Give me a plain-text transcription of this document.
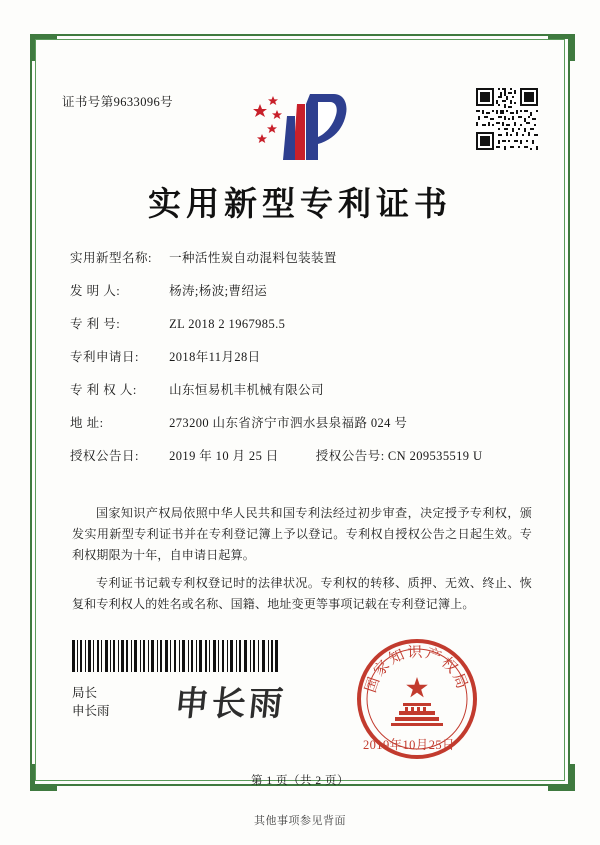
证书号第9633096号
实用新型专利证书
实用新型名称: 一种活性炭自动混料包装装置
发 明 人:	杨涛;杨波;曹绍运
专 利 号:	ZL 2018 2 1967985.5
专利申请日: 2018年11月28日
专 利 权 人:	山东恒易机丰机械有限公司
地 址:	273200 山东省济宁市泗水县泉福路 024 号
授权公告日: 2019 年 10 月 25 日	授权公告号: CN 209535519 U

国家知识产权局依照中华人民共和国专利法经过初步审查，决定授予专利权，颁发实用新型专利证书并在专利登记簿上予以登记。专利权自授权公告之日起生效。专利权期限为十年，自申请日起算。

专利证书记载专利权登记时的法律状况。专利权的转移、质押、无效、终止、恢复和专利权人的姓名或名称、国籍、地址变更等事项记载在专利登记簿上。

局长
申长雨 申长雨
国家知识产权局
2019年10月25日
第 1 页（共 2 页）
其他事项参见背面
